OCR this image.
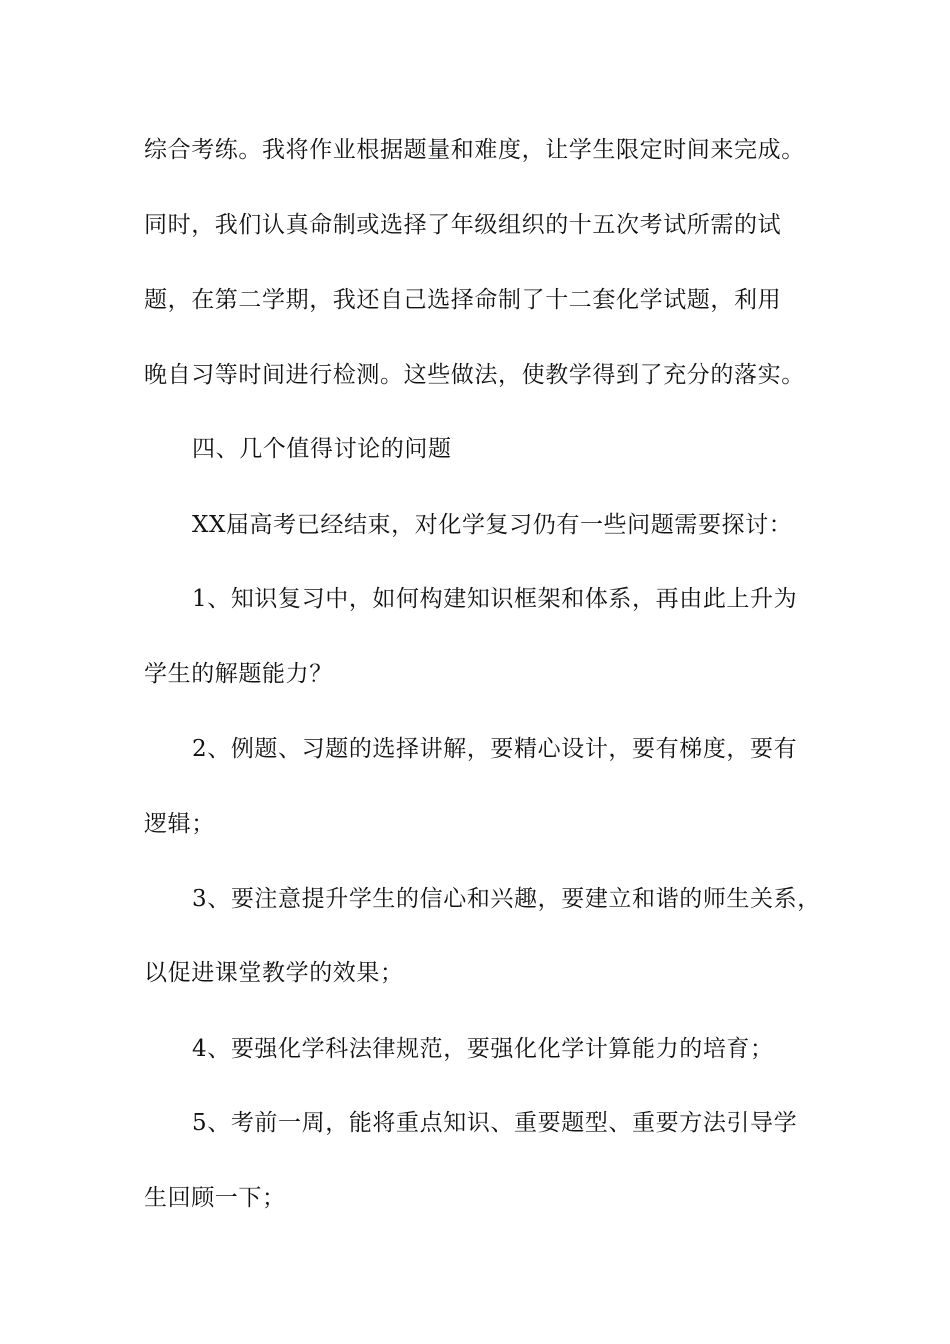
综合考练。我将作业根据题量和难度，让学生限定时间来完成。
同时，我们认真命制或选择了年级组织的十五次考试所需的试
题，在第二学期，我还自己选择命制了十二套化学试题，利用
晚自习等时间进行检测。这些做法，使教学得到了充分的落实。
四、几个值得讨论的问题
XX届高考已经结束，对化学复习仍有一些问题需要探讨：
1、知识复习中，如何构建知识框架和体系，再由此上升为
学生的解题能力？
2、例题、习题的选择讲解，要精心设计，要有梯度，要有
逻辑；
3、要注意提升学生的信心和兴趣，要建立和谐的师生关系，
以促进课堂教学的效果；
4、要强化学科法律规范，要强化化学计算能力的培育；
5、考前一周，能将重点知识、重要题型、重要方法引导学
生回顾一下；
